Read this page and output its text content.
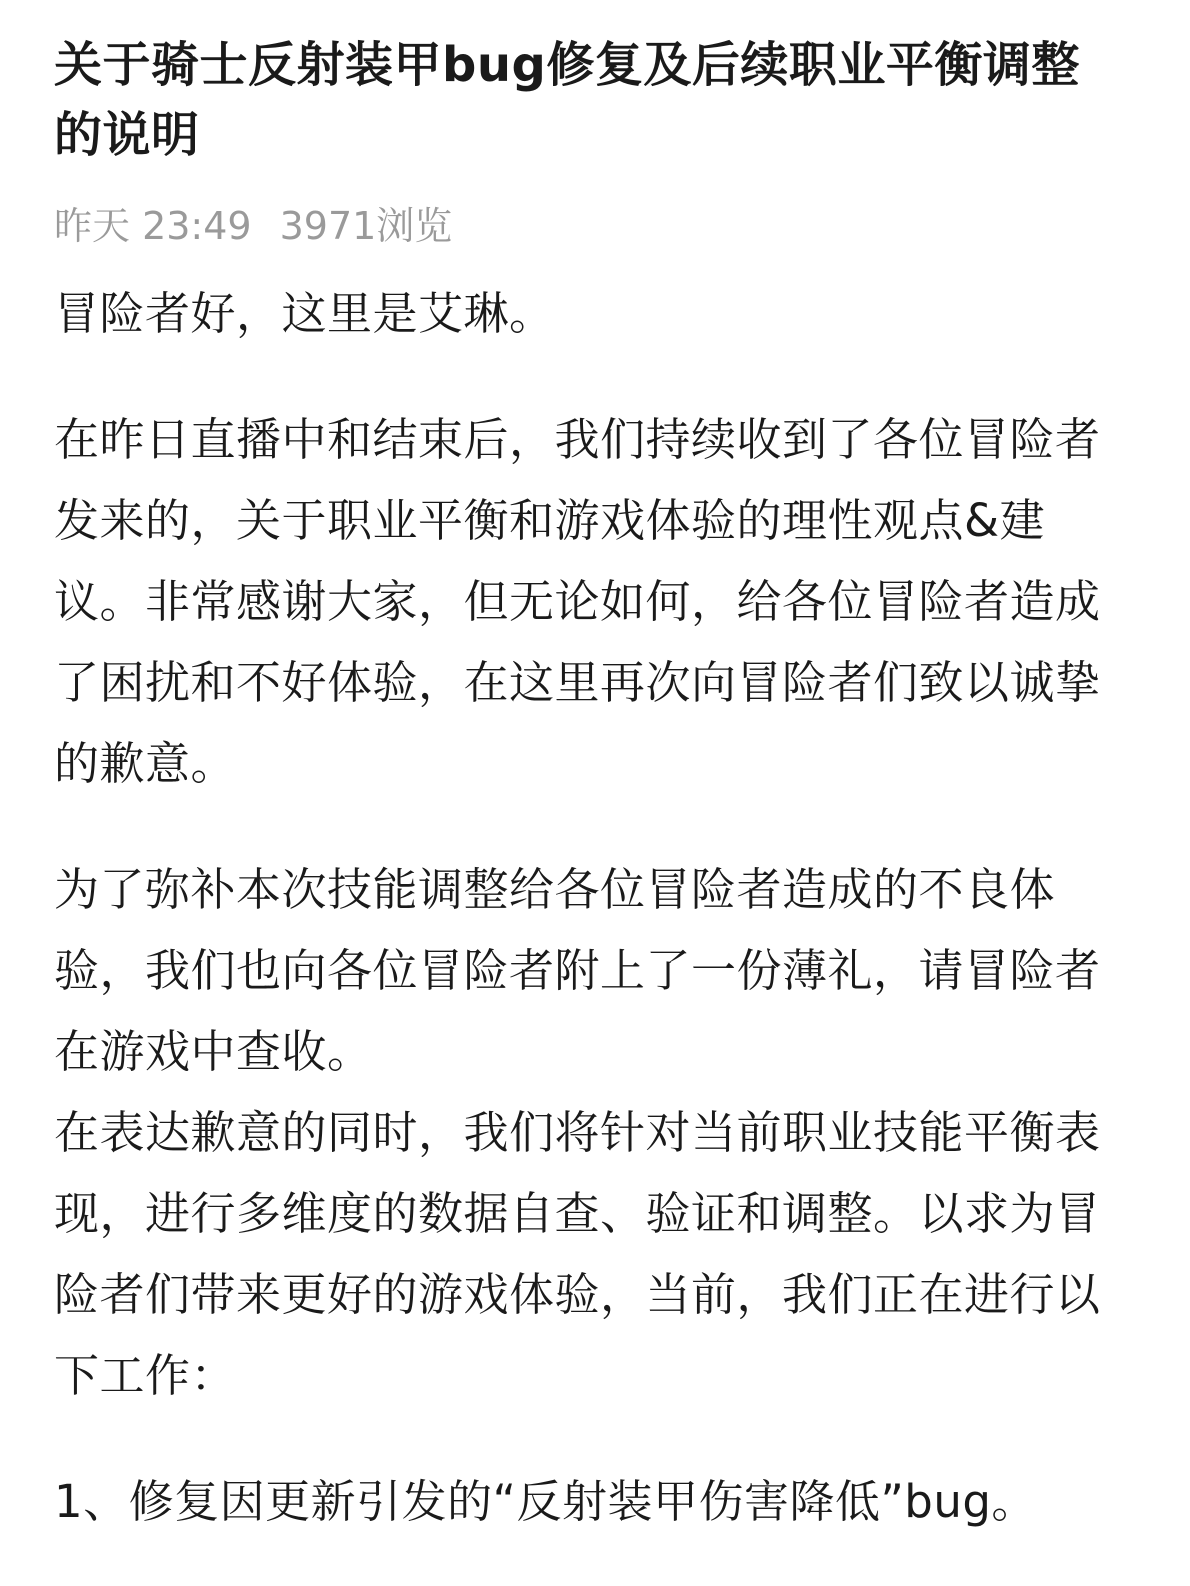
关于骑士反射装甲bug修复及后续职业平衡调整的说明
昨天 23:49 3971浏览

冒险者好，这里是艾琳。

在昨日直播中和结束后，我们持续收到了各位冒险者发来的，关于职业平衡和游戏体验的理性观点&建议。非常感谢大家，但无论如何，给各位冒险者造成了困扰和不好体验，在这里再次向冒险者们致以诚挚的歉意。

为了弥补本次技能调整给各位冒险者造成的不良体验，我们也向各位冒险者附上了一份薄礼，请冒险者在游戏中查收。

在表达歉意的同时，我们将针对当前职业技能平衡表现，进行多维度的数据自查、验证和调整。以求为冒险者们带来更好的游戏体验，当前，我们正在进行以下工作：

1、修复因更新引发的“反射装甲伤害降低”bug。
